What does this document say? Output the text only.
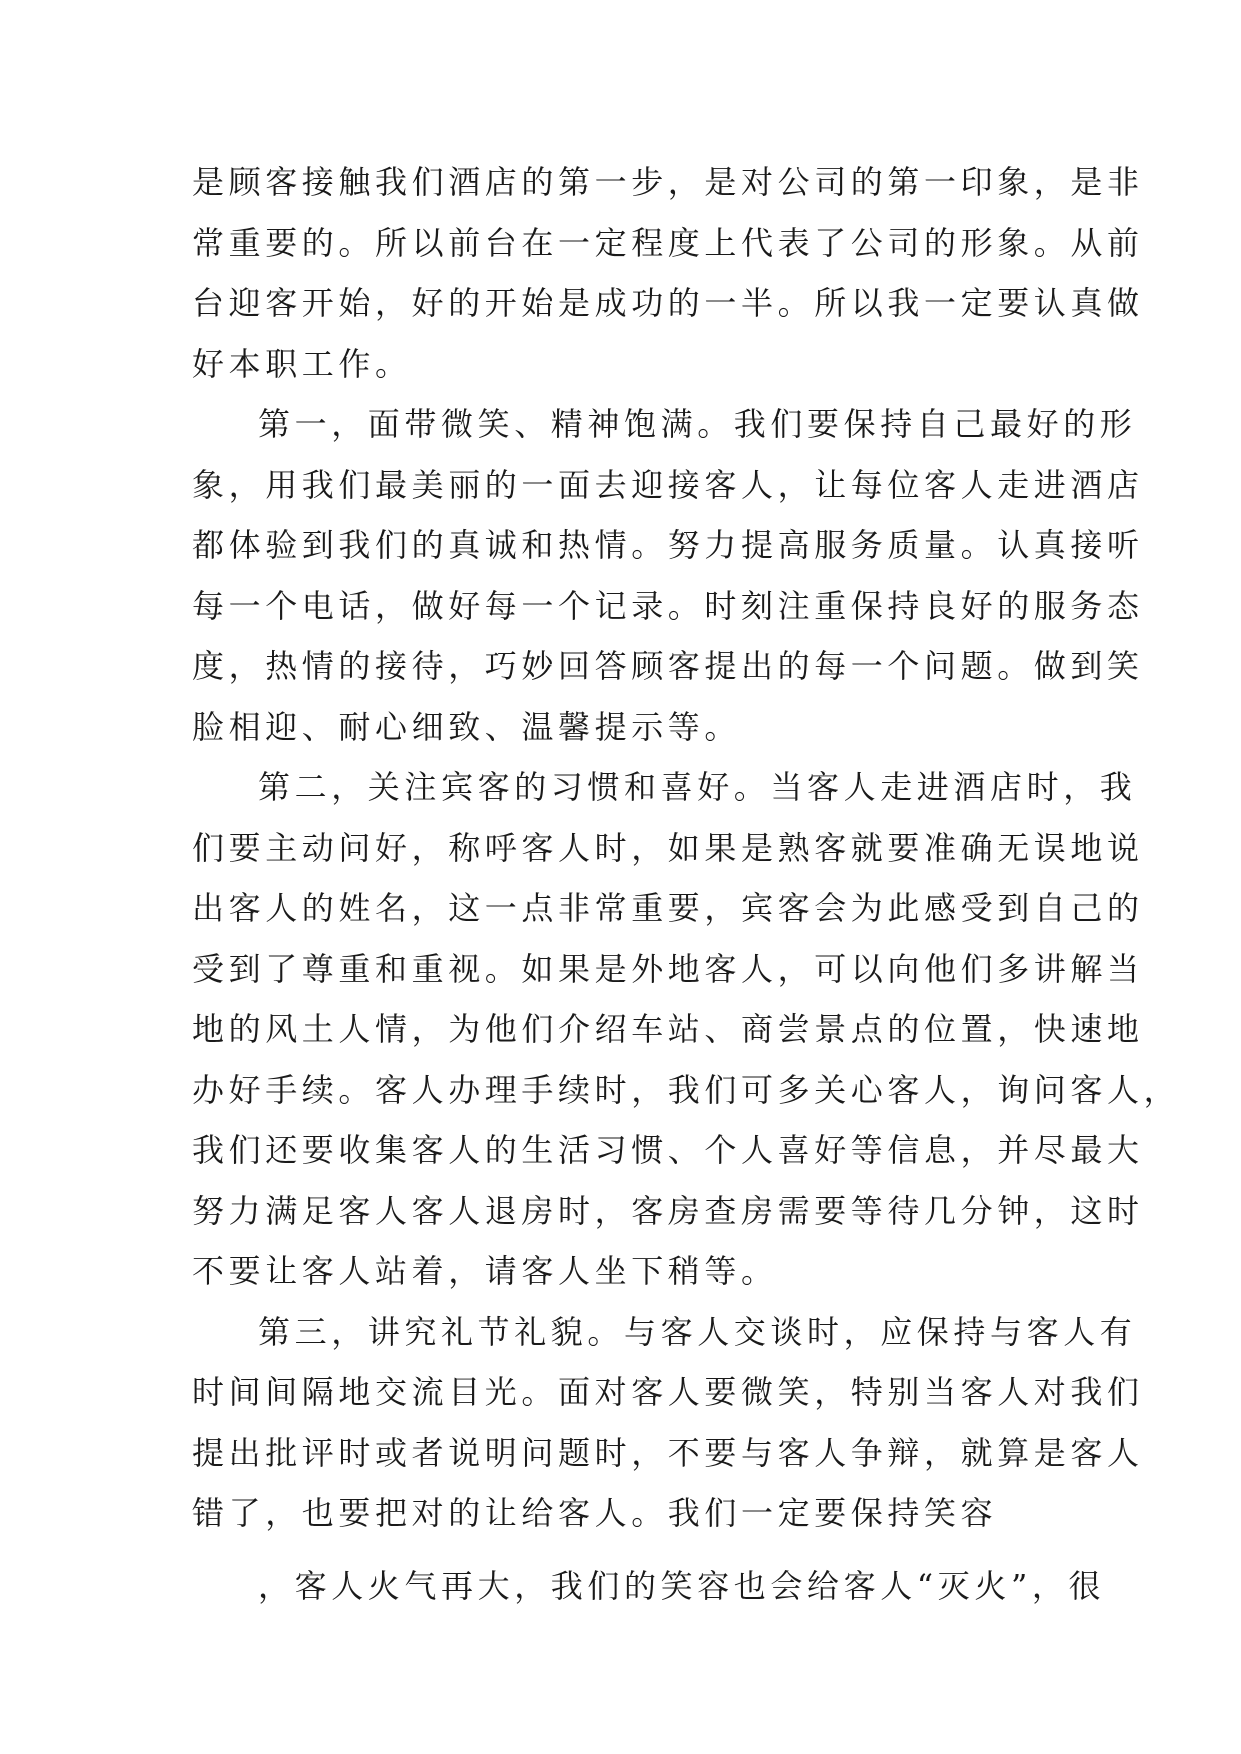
是顾客接触我们酒店的第一步，是对公司的第一印象，是非
常重要的。所以前台在一定程度上代表了公司的形象。从前
台迎客开始，好的开始是成功的一半。所以我一定要认真做
好本职工作。
第一，面带微笑、精神饱满。我们要保持自己最好的形
象，用我们最美丽的一面去迎接客人，让每位客人走进酒店
都体验到我们的真诚和热情。努力提高服务质量。认真接听
每一个电话，做好每一个记录。时刻注重保持良好的服务态
度，热情的接待，巧妙回答顾客提出的每一个问题。做到笑
脸相迎、耐心细致、温馨提示等。
第二，关注宾客的习惯和喜好。当客人走进酒店时，我
们要主动问好，称呼客人时，如果是熟客就要准确无误地说
出客人的姓名，这一点非常重要，宾客会为此感受到自己的
受到了尊重和重视。如果是外地客人，可以向他们多讲解当
地的风土人情，为他们介绍车站、商尝景点的位置，快速地
办好手续。客人办理手续时，我们可多关心客人，询问客人，
我们还要收集客人的生活习惯、个人喜好等信息，并尽最大
努力满足客人客人退房时，客房查房需要等待几分钟，这时
不要让客人站着，请客人坐下稍等。
第三，讲究礼节礼貌。与客人交谈时，应保持与客人有
时间间隔地交流目光。面对客人要微笑，特别当客人对我们
提出批评时或者说明问题时，不要与客人争辩，就算是客人
错了，也要把对的让给客人。我们一定要保持笑容
，客人火气再大，我们的笑容也会给客人“灭火”，很
